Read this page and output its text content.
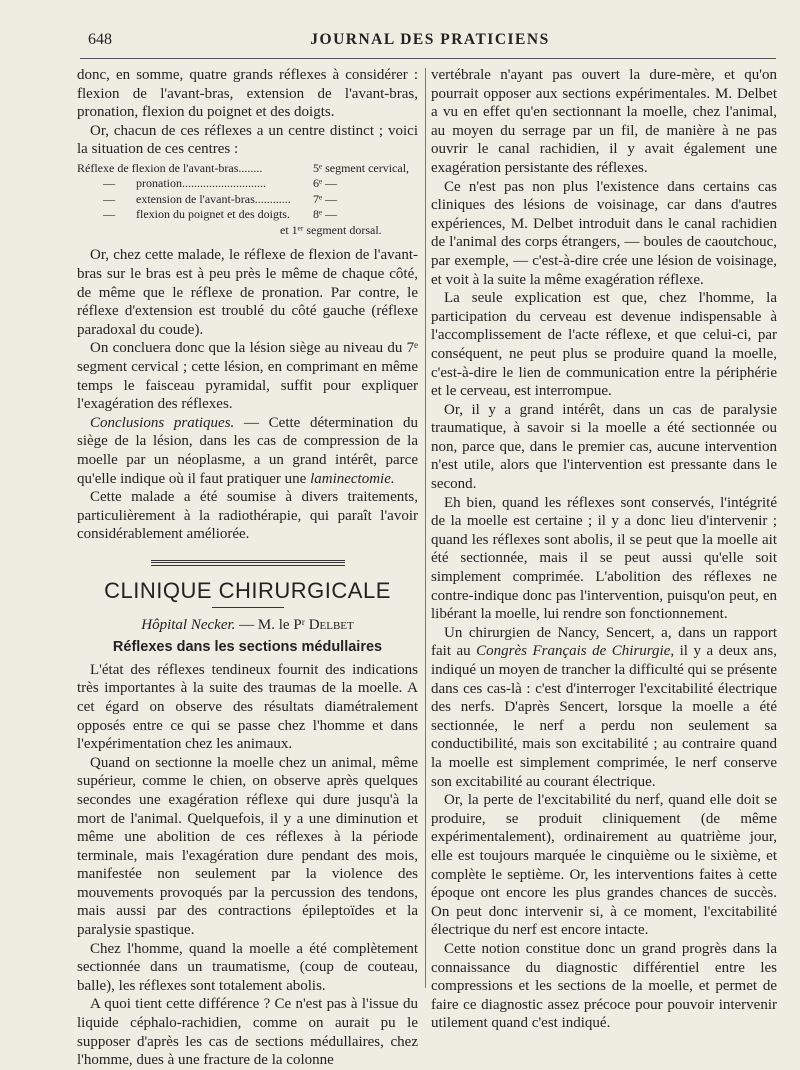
648	JOURNAL DES PRATICIENS

donc, en somme, quatre grands réflexes à considérer : flexion de l'avant-bras, extension de l'avant-bras, pronation, flexion du poignet et des doigts.

Or, chacun de ces réflexes a un centre distinct ; voici la situation de ces centres :

Réflexe de flexion de l'avant-bras........	5ᵉ segment cervical,
— pronation............................	6ᵉ —
— extension de l'avant-bras............ 7ᵉ —
— flexion du poignet et des doigts. 8ᵉ —
et 1ᵉʳ segment dorsal.

Or, chez cette malade, le réflexe de flexion de l'avant-bras sur le bras est à peu près le même de chaque côté, de même que le réflexe de pronation. Par contre, le réflexe d'extension est troublé du côté gauche (réflexe paradoxal du coude).

On concluera donc que la lésion siège au niveau du 7ᵉ segment cervical ; cette lésion, en comprimant en même temps le faisceau pyramidal, suffit pour expliquer l'exagération des réflexes.

Conclusions pratiques. — Cette détermination du siège de la lésion, dans les cas de compression de la moelle par un néoplasme, a un grand intérêt, parce qu'elle indique où il faut pratiquer une laminectomie.

Cette malade a été soumise à divers traitements, particulièrement à la radiothérapie, qui paraît l'avoir considérablement améliorée.

CLINIQUE CHIRURGICALE
Hôpital Necker. — M. le Pʳ Delbet
Réflexes dans les sections médullaires

L'état des réflexes tendineux fournit des indications très importantes à la suite des traumas de la moelle. A cet égard on observe des résultats diamétralement opposés entre ce qui se passe chez l'homme et dans l'expérimentation chez les animaux.

Quand on sectionne la moelle chez un animal, même supérieur, comme le chien, on observe après quelques secondes une exagération réflexe qui dure jusqu'à la mort de l'animal. Quelquefois, il y a une diminution et même une abolition de ces réflexes à la période terminale, mais l'exagération dure pendant des mois, manifestée non seulement par la violence des mouvements provoqués par la percussion des tendons, mais aussi par des contractions épileptoïdes et la paralysie spastique.

Chez l'homme, quand la moelle a été complètement sectionnée dans un traumatisme, (coup de couteau, balle), les réflexes sont totalement abolis.

A quoi tient cette différence ? Ce n'est pas à l'issue du liquide céphalo-rachidien, comme on aurait pu le supposer d'après les cas de sections médullaires, chez l'homme, dues à une fracture de la colonne

vertébrale n'ayant pas ouvert la dure-mère, et qu'on pourrait opposer aux sections expérimentales. M. Delbet a vu en effet qu'en sectionnant la moelle, chez l'animal, au moyen du serrage par un fil, de manière à ne pas ouvrir le canal rachidien, il y avait également une exagération persistante des réflexes.

Ce n'est pas non plus l'existence dans certains cas cliniques des lésions de voisinage, car dans d'autres expériences, M. Delbet introduit dans le canal rachidien de l'animal des corps étrangers, — boules de caoutchouc, par exemple, — c'est-à-dire crée une lésion de voisinage, et voit à la suite la même exagération réflexe.

La seule explication est que, chez l'homme, la participation du cerveau est devenue indispensable à l'accomplissement de l'acte réflexe, et que celui-ci, par conséquent, ne peut plus se produire quand la moelle, c'est-à-dire le lien de communication entre la périphérie et le cerveau, est interrompue.

Or, il y a grand intérêt, dans un cas de paralysie traumatique, à savoir si la moelle a été sectionnée ou non, parce que, dans le premier cas, aucune intervention n'est utile, alors que l'intervention est pressante dans le second.

Eh bien, quand les réflexes sont conservés, l'intégrité de la moelle est certaine ; il y a donc lieu d'intervenir ; quand les réflexes sont abolis, il se peut que la moelle ait été sectionnée, mais il se peut aussi qu'elle soit simplement comprimée. L'abolition des réflexes ne contre-indique donc pas l'intervention, puisqu'on peut, en libérant la moelle, lui rendre son fonctionnement.

Un chirurgien de Nancy, Sencert, a, dans un rapport fait au Congrès Français de Chirurgie, il y a deux ans, indiqué un moyen de trancher la difficulté qui se présente dans ces cas-là : c'est d'interroger l'excitabilité électrique des nerfs. D'après Sencert, lorsque la moelle a été sectionnée, le nerf a perdu non seulement sa conductibilité, mais son excitabilité ; au contraire quand la moelle est simplement comprimée, le nerf conserve son excitabilité au courant électrique.

Or, la perte de l'excitabilité du nerf, quand elle doit se produire, se produit cliniquement (de même expérimentalement), ordinairement au quatrième jour, elle est toujours marquée le cinquième ou le sixième, et complète le septième. Or, les interventions faites à cette époque ont encore les plus grandes chances de succès. On peut donc intervenir si, à ce moment, l'excitabilité électrique du nerf est encore intacte.

Cette notion constitue donc un grand progrès dans la connaissance du diagnostic différentiel entre les compressions et les sections de la moelle, et permet de faire ce diagnostic assez précoce pour pouvoir intervenir utilement quand c'est indiqué.
